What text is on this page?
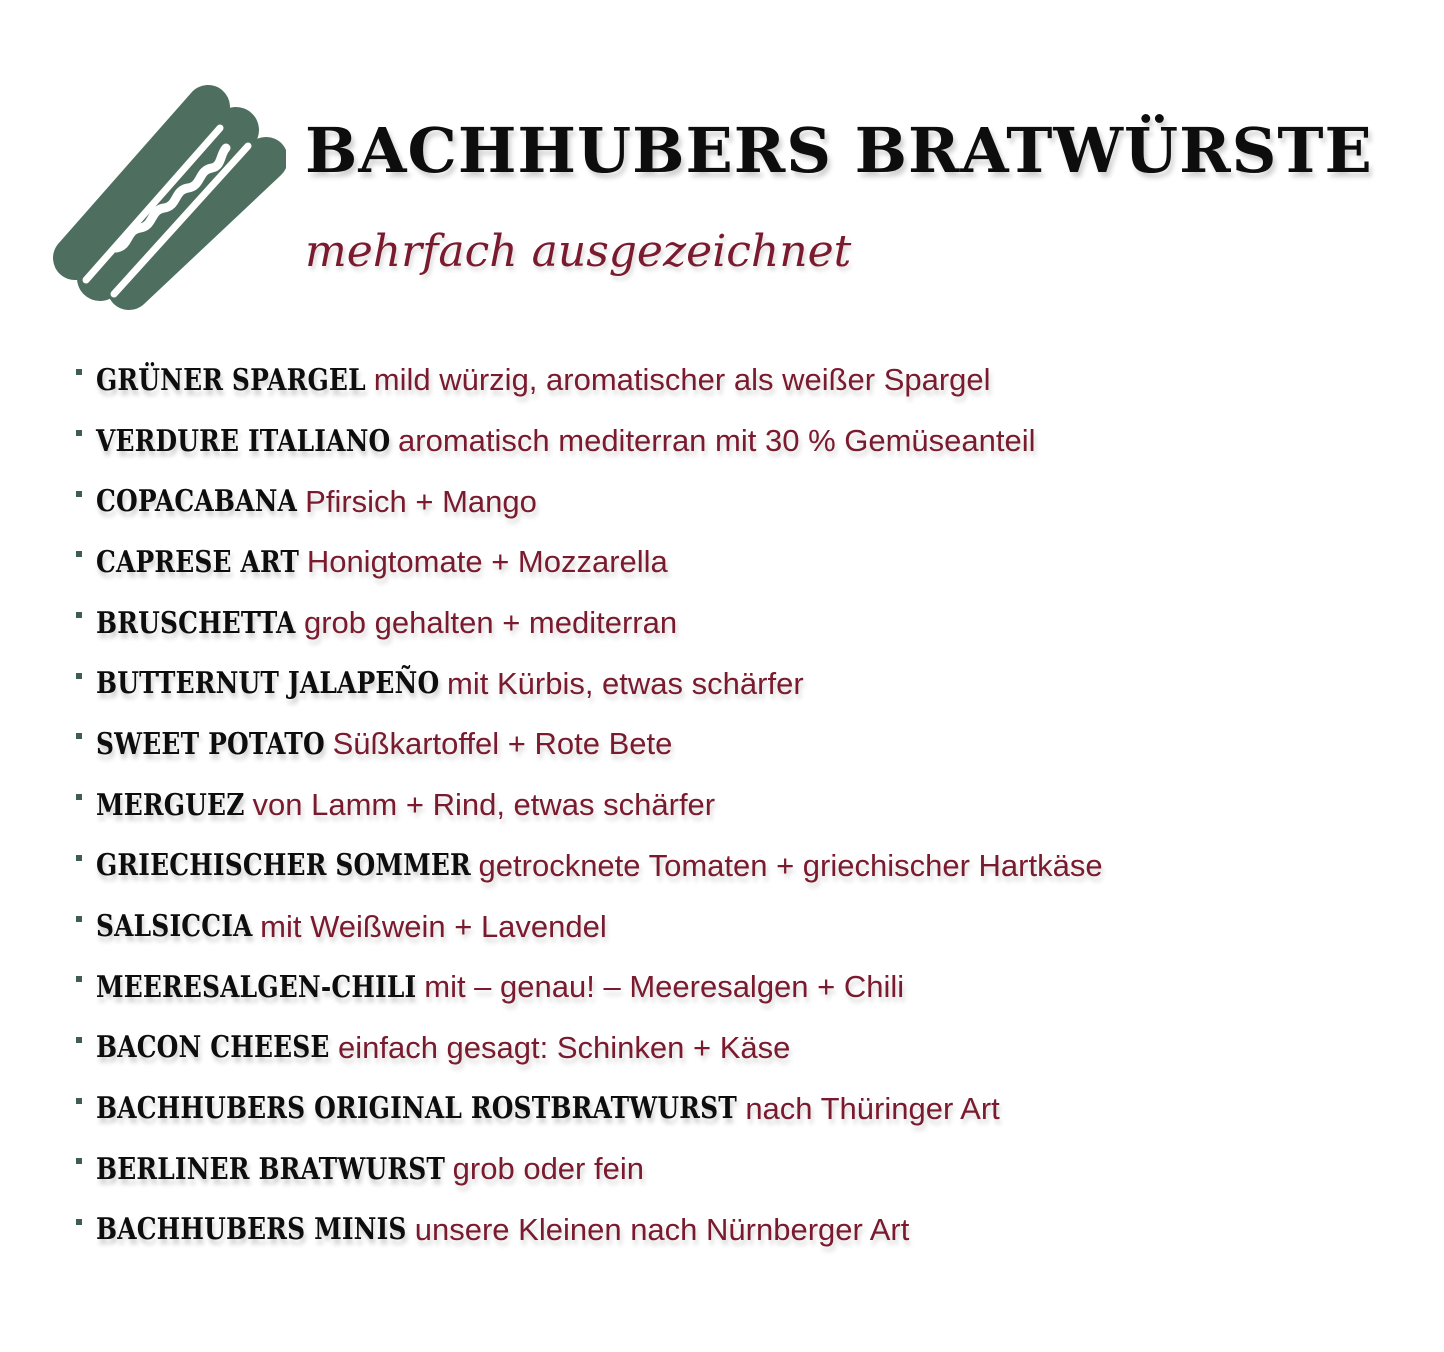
BACHHUBERS BRATWÜRSTE
mehrfach ausgezeichnet
GRÜNER SPARGEL mild würzig, aromatischer als weißer Spargel
VERDURE ITALIANO aromatisch mediterran mit 30 % Gemüseanteil
COPACABANA Pfirsich + Mango
CAPRESE ART Honigtomate + Mozzarella
BRUSCHETTA grob gehalten + mediterran
BUTTERNUT JALAPEÑO mit Kürbis, etwas schärfer
SWEET POTATO Süßkartoffel + Rote Bete
MERGUEZ von Lamm + Rind, etwas schärfer
GRIECHISCHER SOMMER getrocknete Tomaten + griechischer Hartkäse
SALSICCIA mit Weißwein + Lavendel
MEERESALGEN-CHILI mit – genau! – Meeresalgen + Chili
BACON CHEESE einfach gesagt: Schinken + Käse
BACHHUBERS ORIGINAL ROSTBRATWURST nach Thüringer Art
BERLINER BRATWURST grob oder fein
BACHHUBERS MINIS unsere Kleinen nach Nürnberger Art
